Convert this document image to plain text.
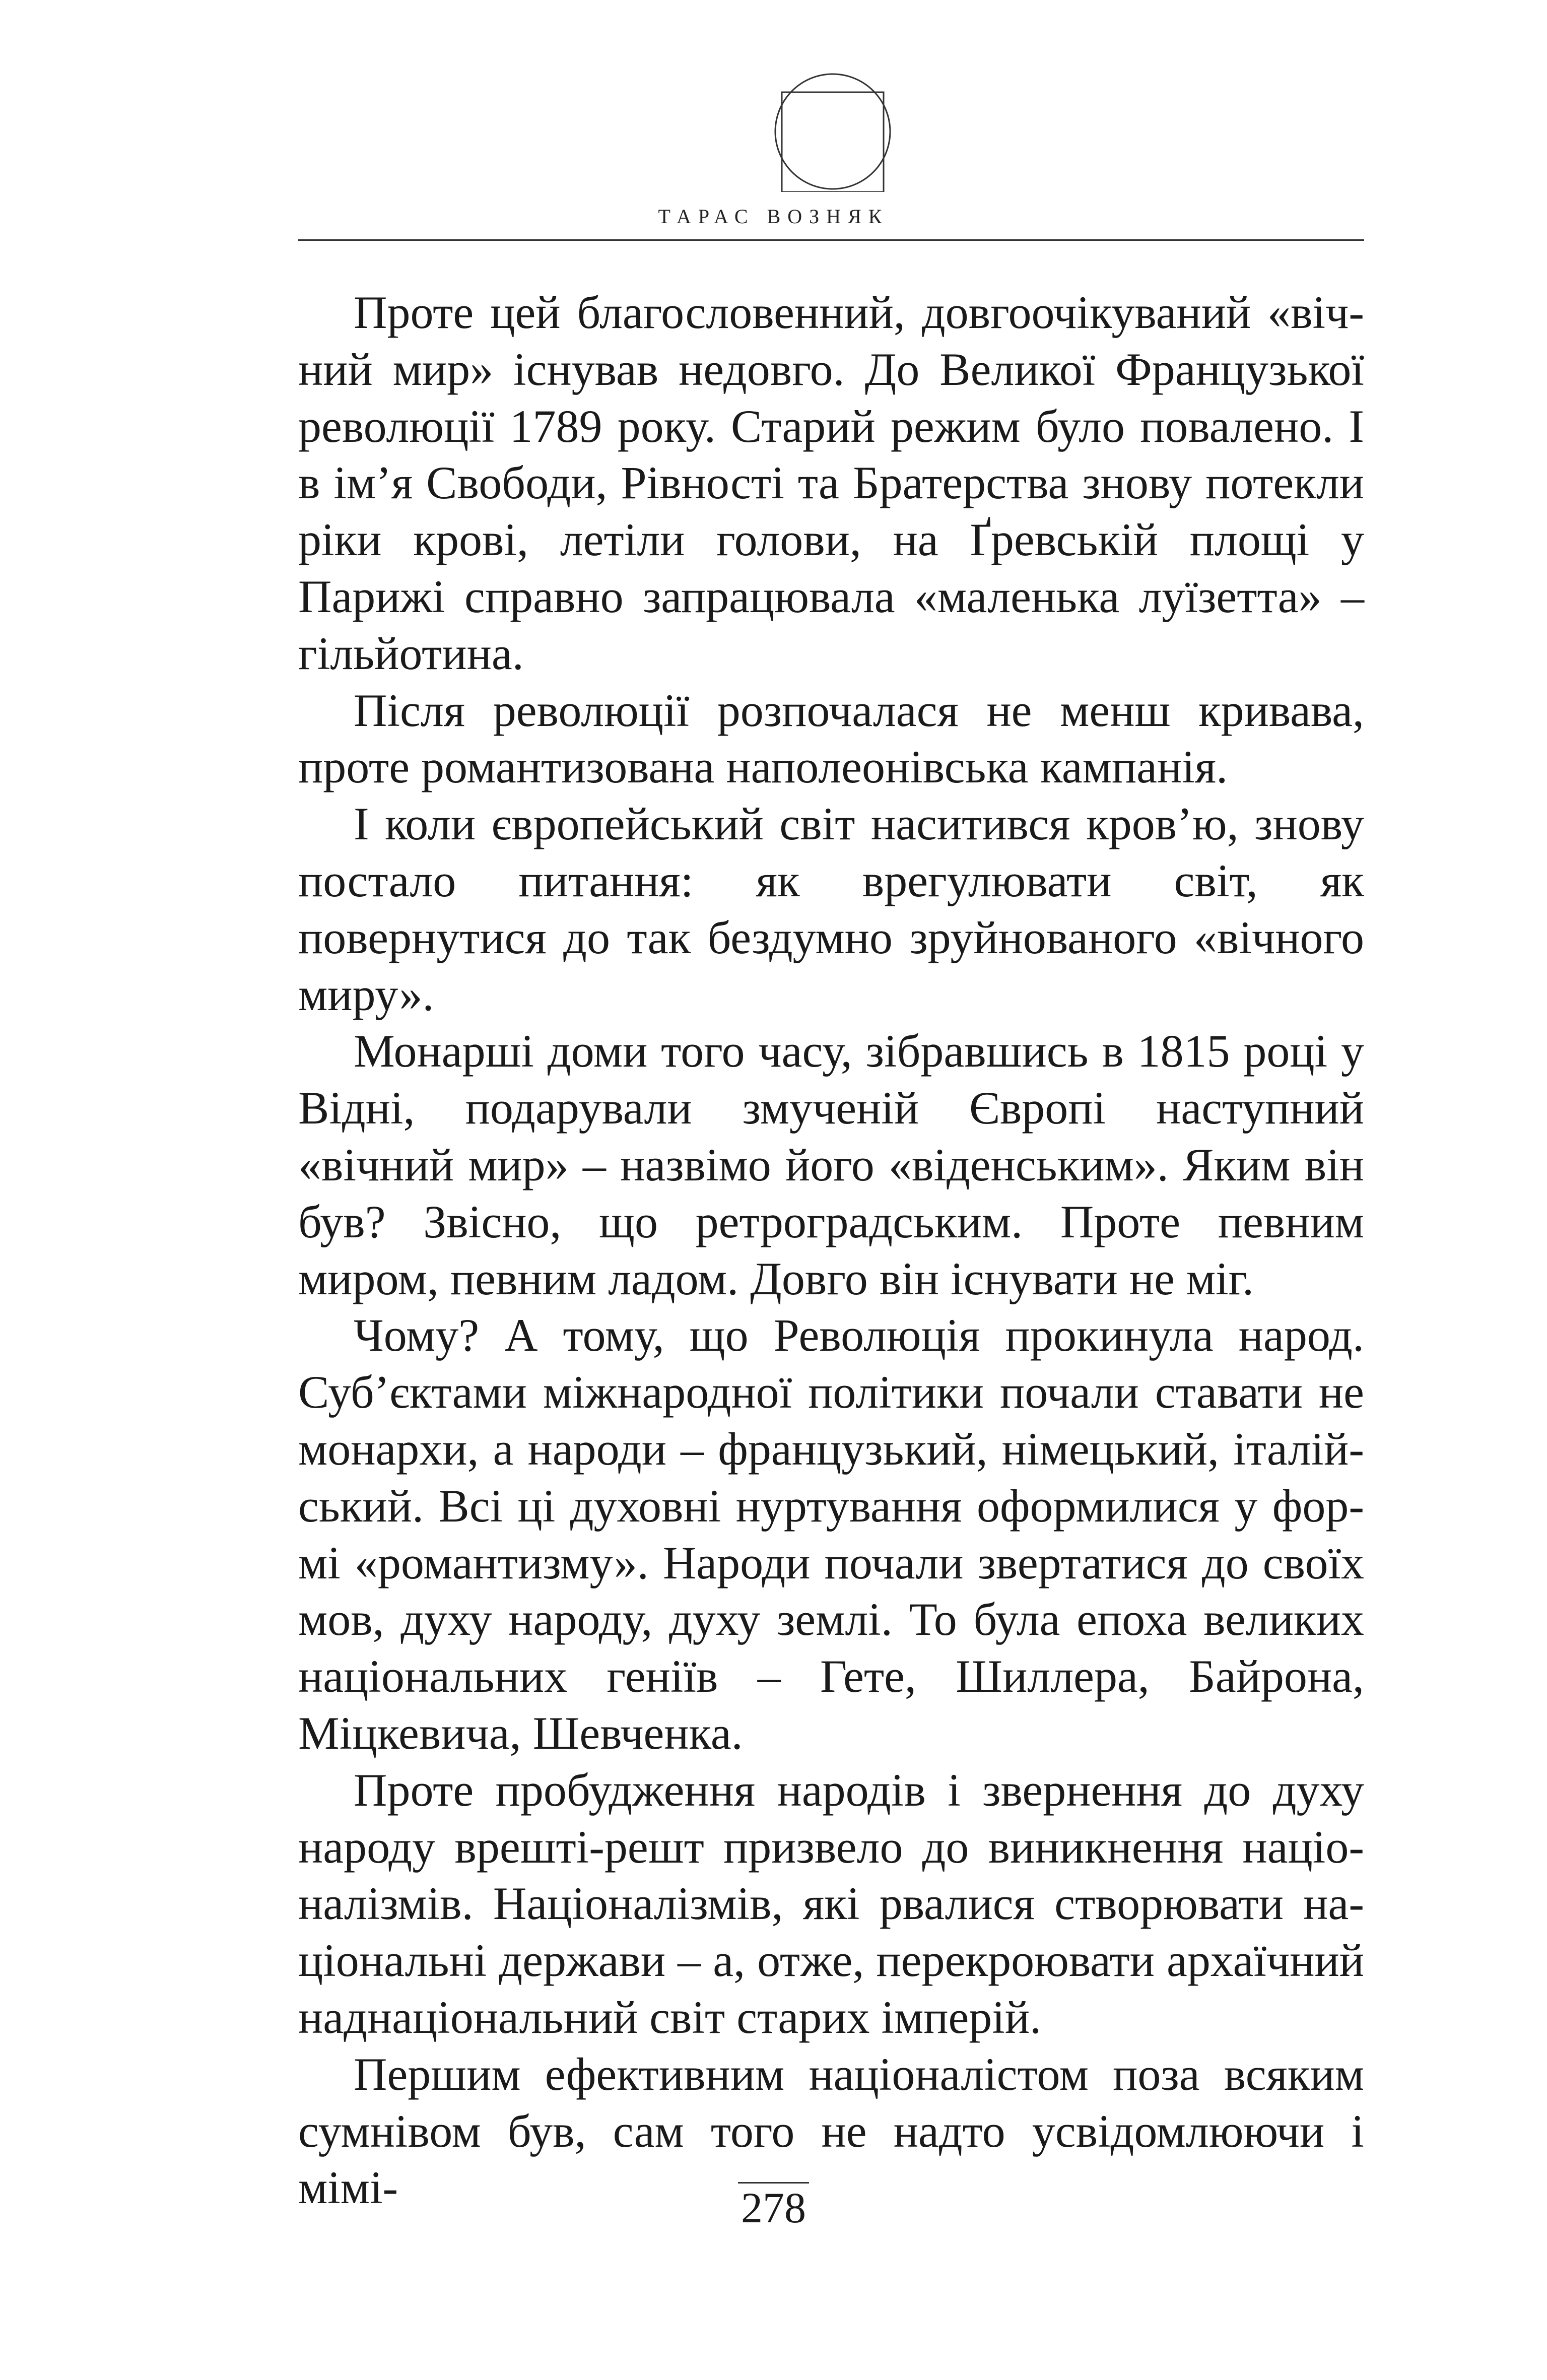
ТАРАС ВОЗНЯК

Проте цей благословенний, довгоочікуваний «вічний мир» існував недовго. До Великої Французької революції 1789 року. Старий режим було повалено. І в ім’я Свободи, Рівності та Братерства знову потекли ріки крові, летіли голови, на Ґревській площі у Парижі справно запрацювала «маленька луїзетта» – гільйотина.

Після революції розпочалася не менш кривава, проте романтизована наполеонівська кампанія.

І коли європейський світ наситився кров’ю, знову постало питання: як врегулювати світ, як повернутися до так бездумно зруйнованого «вічного миру».

Монарші доми того часу, зібравшись в 1815 році у Відні, подарували змученій Європі наступний «вічний мир» – назвімо його «віденським». Яким він був? Звісно, що ретроградським. Проте певним миром, певним ладом. Довго він існувати не міг.

Чому? А тому, що Революція прокинула народ. Суб’єктами міжнародної політики почали ставати не монархи, а народи – французький, німецький, італійський. Всі ці духовні нуртування оформилися у формі «романтизму». Народи почали звертатися до своїх мов, духу народу, духу землі. То була епоха великих національних геніїв – Гете, Шиллера, Байрона, Міцкевича, Шевченка.

Проте пробудження народів і звернення до духу народу врешті-решт призвело до виникнення націоналізмів. Націоналізмів, які рвалися створювати національні держави – а, отже, перекроювати архаїчний наднаціональний світ старих імперій.

Першим ефективним націоналістом поза всяким сумнівом був, сам того не надто усвідомлюючи і мімі-	278
